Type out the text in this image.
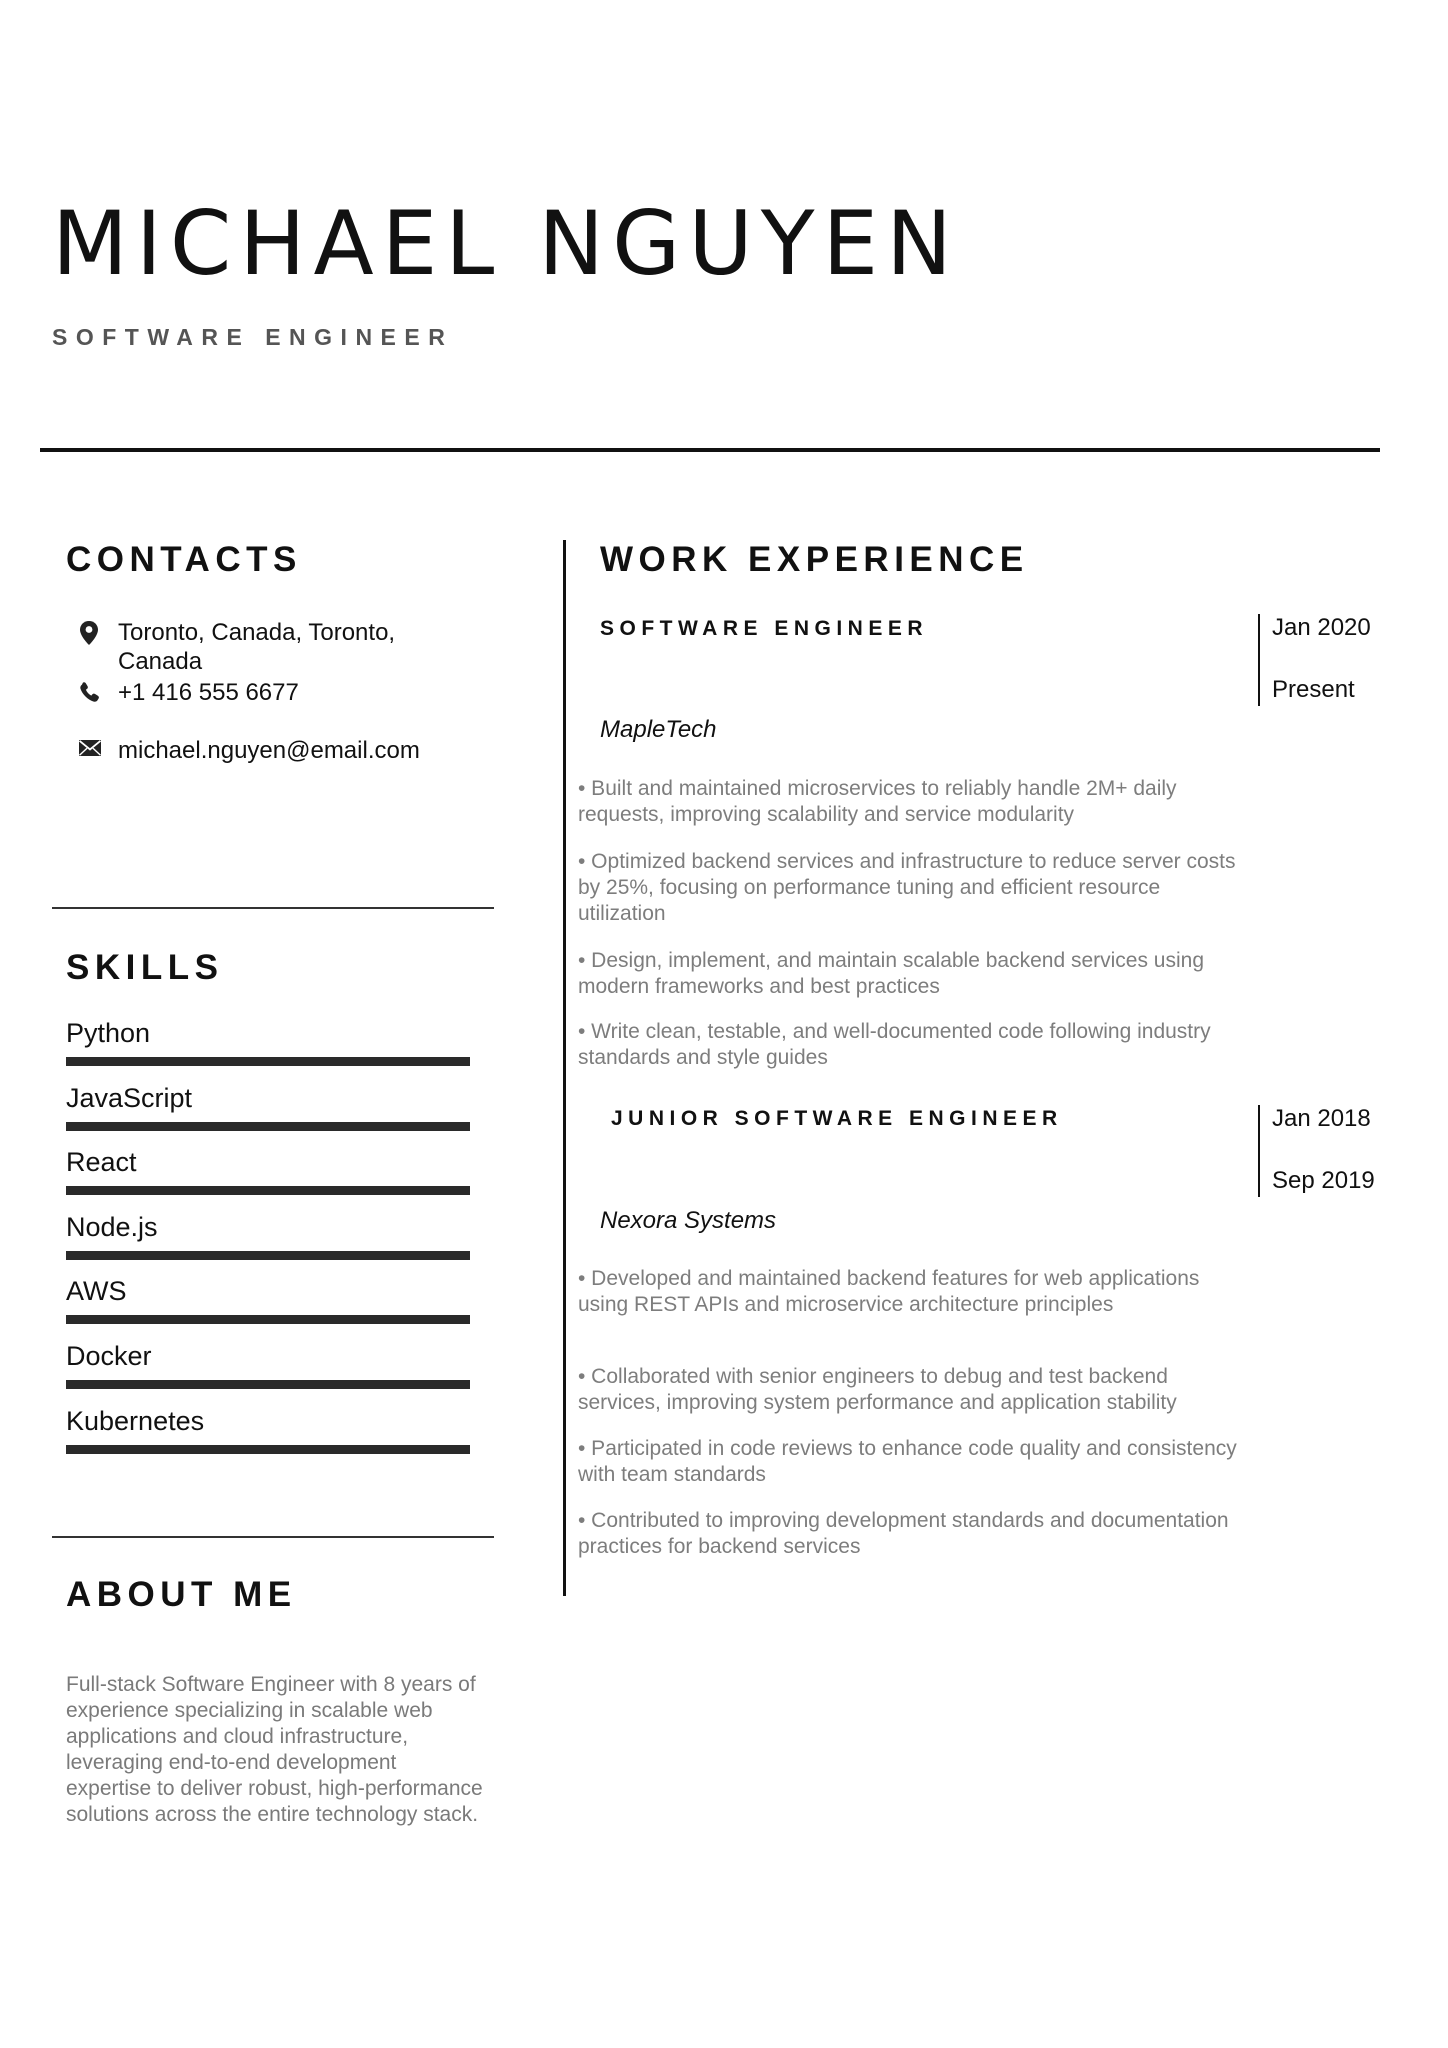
MICHAEL NGUYEN
SOFTWARE ENGINEER
CONTACTS
Toronto, Canada, Toronto, Canada
+1 416 555 6677
michael.nguyen@email.com
SKILLS
Python
JavaScript
React
Node.js
AWS
Docker
Kubernetes
ABOUT ME

Full-stack Software Engineer with 8 years of experience specializing in scalable web applications and cloud infrastructure, leveraging end-to-end development expertise to deliver robust, high-performance solutions across the entire technology stack.

WORK EXPERIENCE
SOFTWARE ENGINEER	Jan 2020
Present
MapleTech

• Built and maintained microservices to reliably handle 2M+ daily requests, improving scalability and service modularity

• Optimized backend services and infrastructure to reduce server costs by 25%, focusing on performance tuning and efficient resource utilization

• Design, implement, and maintain scalable backend services using modern frameworks and best practices

• Write clean, testable, and well-documented code following industry standards and style guides

JUNIOR SOFTWARE ENGINEER	Jan 2018
Sep 2019
Nexora Systems

• Developed and maintained backend features for web applications using REST APIs and microservice architecture principles

• Collaborated with senior engineers to debug and test backend services, improving system performance and application stability

• Participated in code reviews to enhance code quality and consistency with team standards

• Contributed to improving development standards and documentation practices for backend services
